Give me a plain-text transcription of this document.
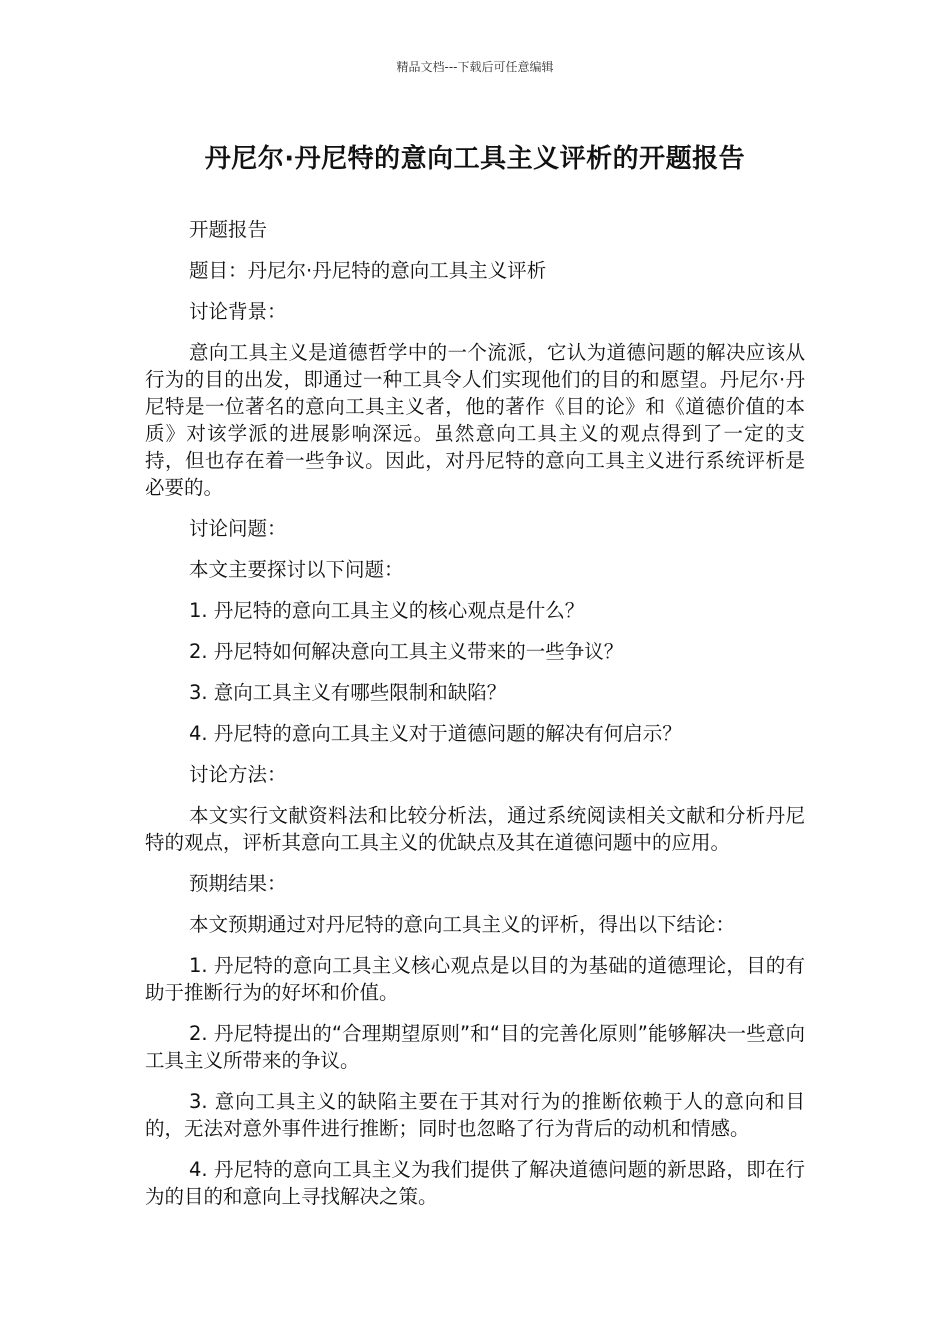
精品文档---下载后可任意编辑
丹尼尔·丹尼特的意向工具主义评析的开题报告

开题报告

题目：丹尼尔·丹尼特的意向工具主义评析

讨论背景：

意向工具主义是道德哲学中的一个流派，它认为道德问题的解决应该从行为的目的出发，即通过一种工具令人们实现他们的目的和愿望。丹尼尔·丹尼特是一位著名的意向工具主义者，他的著作《目的论》和《道德价值的本质》对该学派的进展影响深远。虽然意向工具主义的观点得到了一定的支持，但也存在着一些争议。因此，对丹尼特的意向工具主义进行系统评析是必要的。

讨论问题：

本文主要探讨以下问题：

1. 丹尼特的意向工具主义的核心观点是什么？

2. 丹尼特如何解决意向工具主义带来的一些争议？

3. 意向工具主义有哪些限制和缺陷？

4. 丹尼特的意向工具主义对于道德问题的解决有何启示？

讨论方法：

本文实行文献资料法和比较分析法，通过系统阅读相关文献和分析丹尼特的观点，评析其意向工具主义的优缺点及其在道德问题中的应用。

预期结果：

本文预期通过对丹尼特的意向工具主义的评析，得出以下结论：

1. 丹尼特的意向工具主义核心观点是以目的为基础的道德理论，目的有助于推断行为的好坏和价值。

2. 丹尼特提出的“合理期望原则”和“目的完善化原则”能够解决一些意向工具主义所带来的争议。

3. 意向工具主义的缺陷主要在于其对行为的推断依赖于人的意向和目的，无法对意外事件进行推断；同时也忽略了行为背后的动机和情感。

4. 丹尼特的意向工具主义为我们提供了解决道德问题的新思路，即在行为的目的和意向上寻找解决之策。
